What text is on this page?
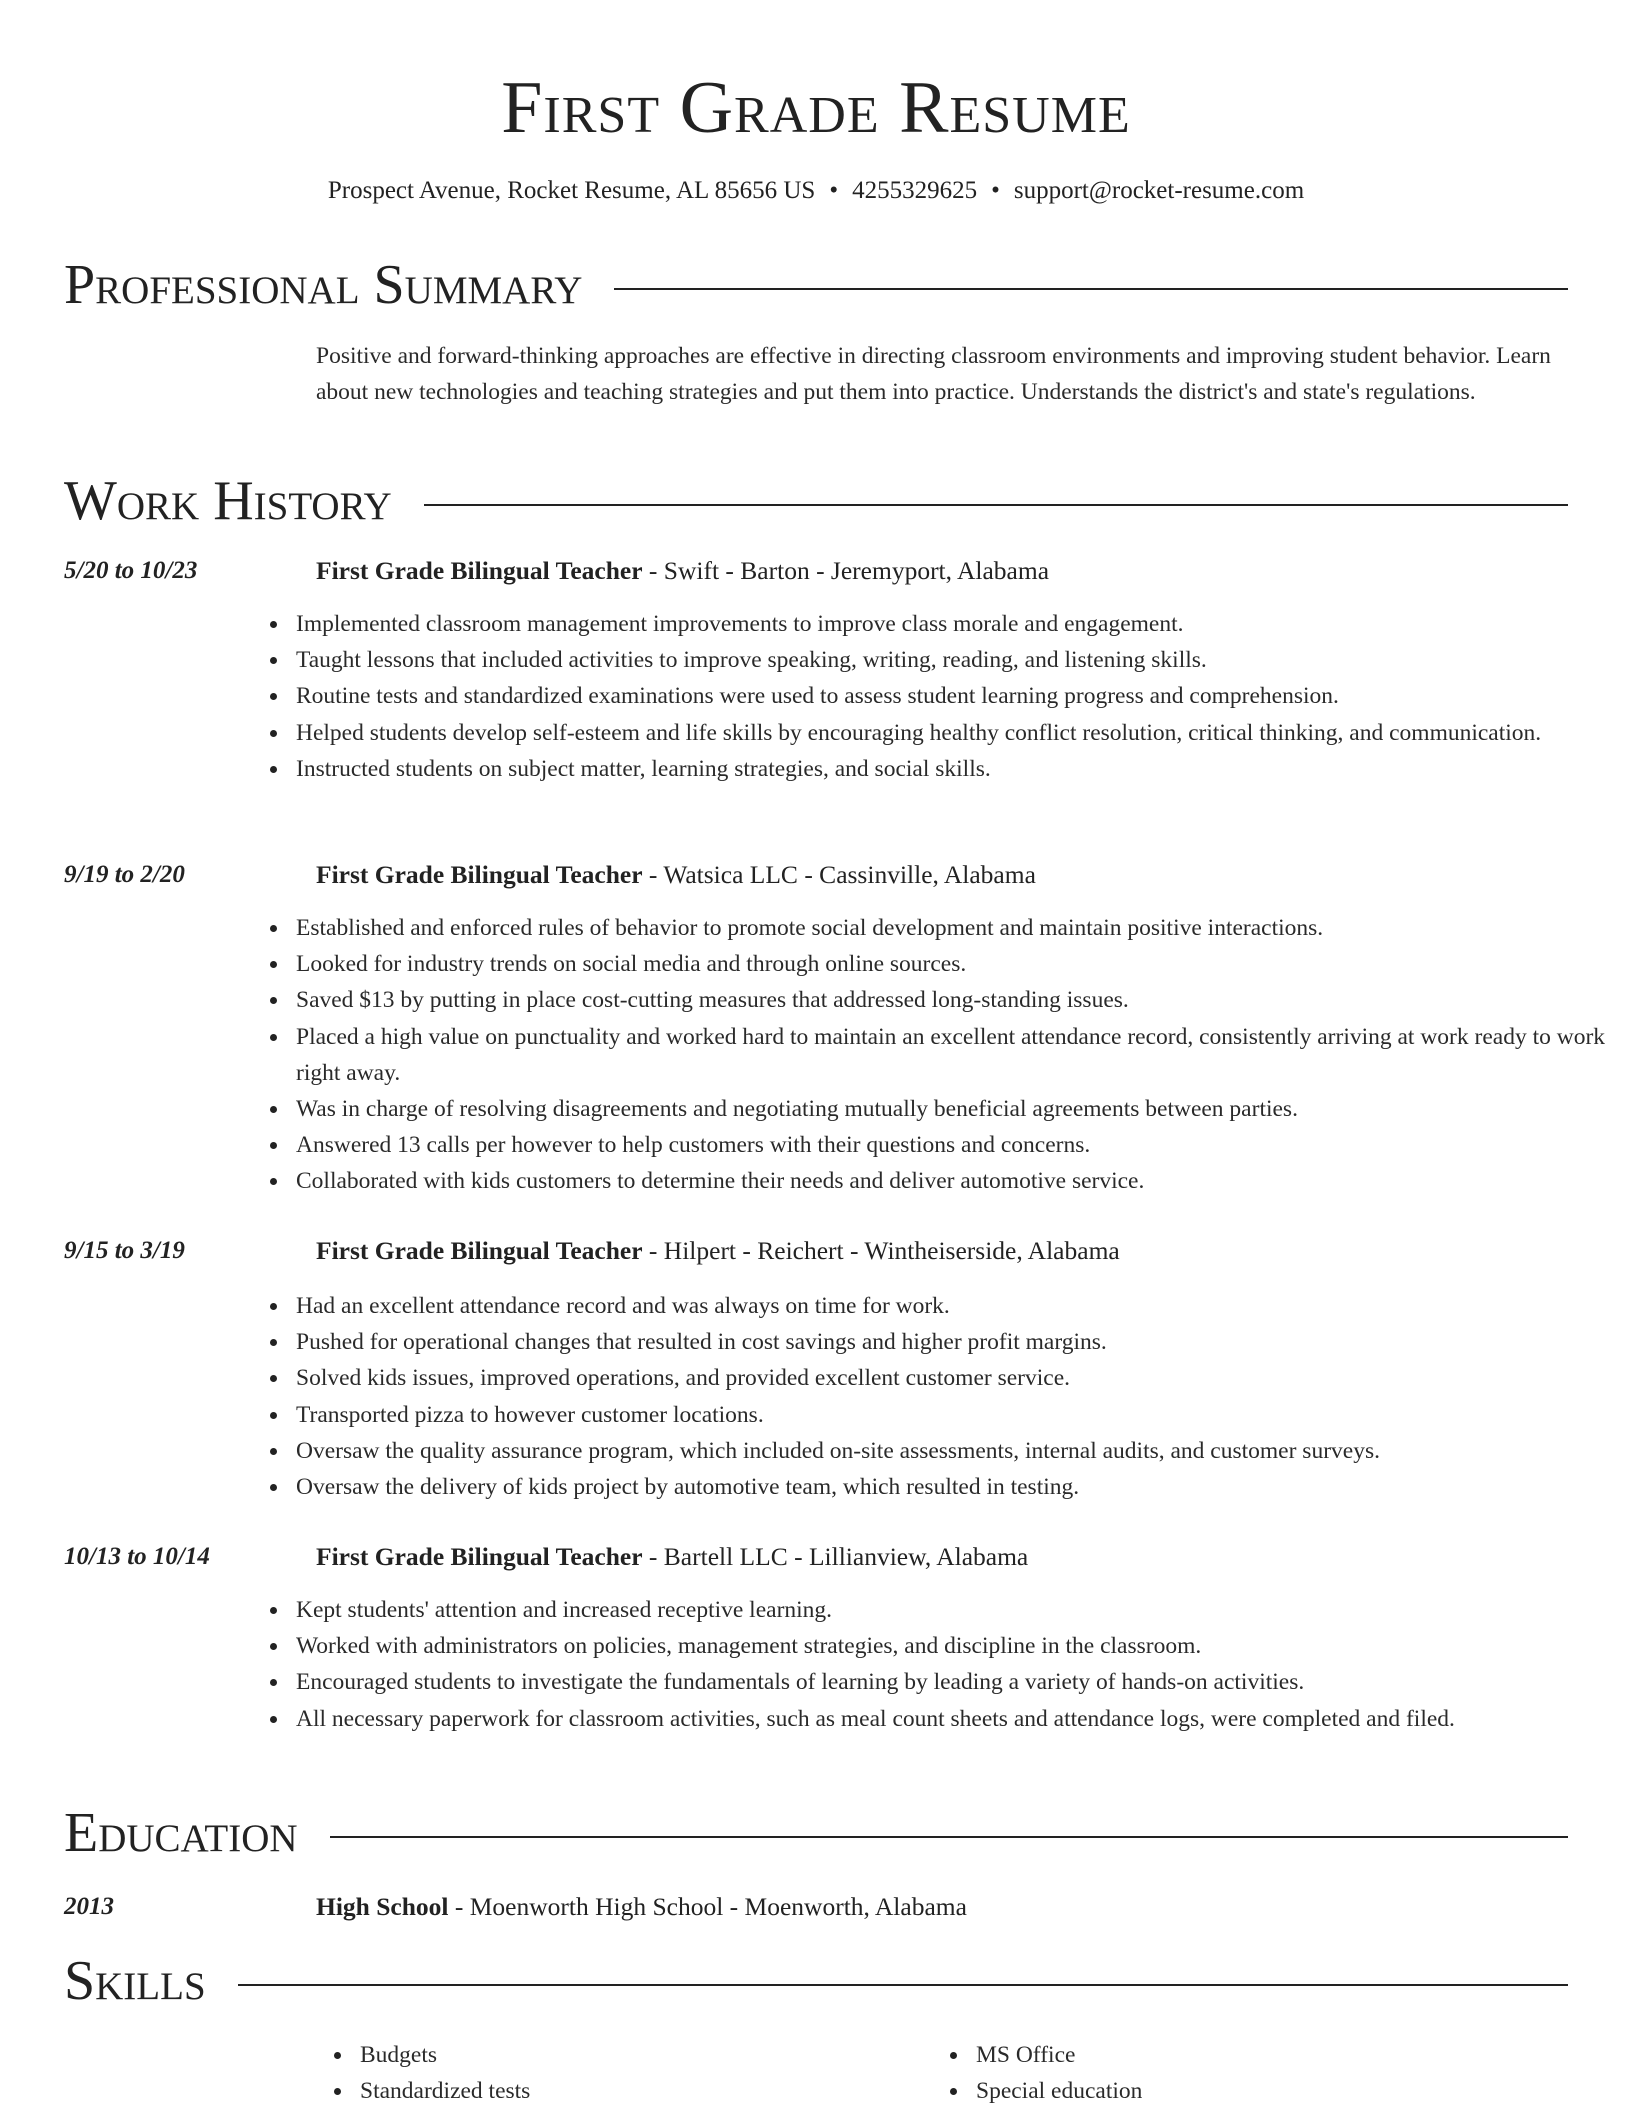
First Grade Resume
Prospect Avenue, Rocket Resume, AL 85656 US • 4255329625 • support@rocket-resume.com
Professional Summary
Positive and forward-thinking approaches are effective in directing classroom environments and improving student behavior. Learn about new technologies and teaching strategies and put them into practice. Understands the district's and state's regulations.
Work History
5/20 to 10/23	First Grade Bilingual Teacher - Swift - Barton - Jeremyport, Alabama
Implemented classroom management improvements to improve class morale and engagement.
Taught lessons that included activities to improve speaking, writing, reading, and listening skills.
Routine tests and standardized examinations were used to assess student learning progress and comprehension.
Helped students develop self-esteem and life skills by encouraging healthy conflict resolution, critical thinking, and communication.
Instructed students on subject matter, learning strategies, and social skills.
9/19 to 2/20	First Grade Bilingual Teacher - Watsica LLC - Cassinville, Alabama
Established and enforced rules of behavior to promote social development and maintain positive interactions.
Looked for industry trends on social media and through online sources.
Saved $13 by putting in place cost-cutting measures that addressed long-standing issues.
Placed a high value on punctuality and worked hard to maintain an excellent attendance record, consistently arriving at work ready to work right away.
Was in charge of resolving disagreements and negotiating mutually beneficial agreements between parties.
Answered 13 calls per however to help customers with their questions and concerns.
Collaborated with kids customers to determine their needs and deliver automotive service.
9/15 to 3/19	First Grade Bilingual Teacher - Hilpert - Reichert - Wintheiserside, Alabama
Had an excellent attendance record and was always on time for work.
Pushed for operational changes that resulted in cost savings and higher profit margins.
Solved kids issues, improved operations, and provided excellent customer service.
Transported pizza to however customer locations.
Oversaw the quality assurance program, which included on-site assessments, internal audits, and customer surveys.
Oversaw the delivery of kids project by automotive team, which resulted in testing.
10/13 to 10/14	First Grade Bilingual Teacher - Bartell LLC - Lillianview, Alabama
Kept students' attention and increased receptive learning.
Worked with administrators on policies, management strategies, and discipline in the classroom.
Encouraged students to investigate the fundamentals of learning by leading a variety of hands-on activities.
All necessary paperwork for classroom activities, such as meal count sheets and attendance logs, were completed and filed.
Education
2013	High School - Moenworth High School - Moenworth, Alabama
Skills
Budgets
Standardized tests
MS Office
Special education
